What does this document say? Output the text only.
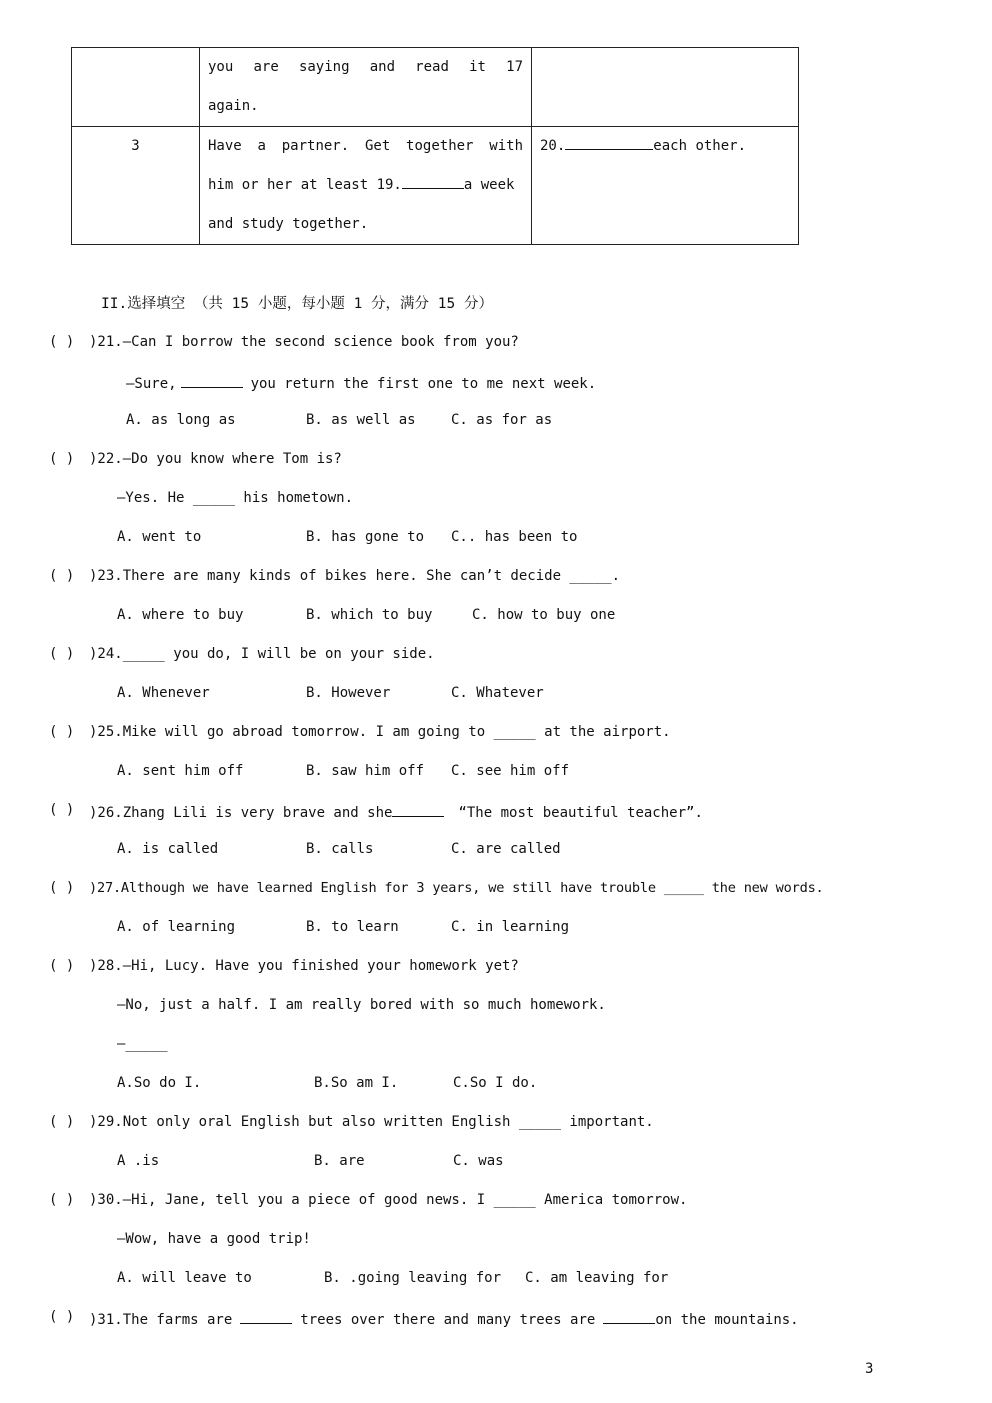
	you are saying and read it 17
again.	

3	Have a partner. Get together with
him or her at least 19. a week
and study together.	20. each other.
II.选择填空 （共 15 小题，每小题 1 分，满分 15 分）
( ) )21.—Can I borrow the second science book from you?
—Sure,	you return the first one to me next week.
A. as long as	B. as well as	C. as for as
( ) )22.—Do you know where Tom is?
—Yes. He _____ his hometown.
A. went to	B. has gone to C.. has been to
( ) )23.There are many kinds of bikes here. She can’t decide _____.
A. where to buy	B. which to buy	C. how to buy one
( ) )24._____ you do, I will be on your side.
A. Whenever	B. However	C. Whatever
( ) )25.Mike will go abroad tomorrow. I am going to _____ at the airport.
A. sent him off	B. saw him off C. see him off
( ) )26.Zhang Lili is very brave and she	“The most beautiful teacher”.
A. is called	B. calls	C. are called
( ) )27.Although we have learned English for 3 years, we still have trouble _____ the new words.
A. of learning	B. to learn	C. in learning
( ) )28.—Hi, Lucy. Have you finished your homework yet?
—No, just a half. I am really bored with so much homework.
—_____
A.So do I.	B.So am I.	C.So I do.
( ) )29.Not only oral English but also written English _____ important.
A .is	B. are	C. was
( ) )30.—Hi, Jane, tell you a piece of good news. I _____ America tomorrow.
—Wow, have a good trip!
A. will leave to	B. .going leaving for C. am leaving for
( ) )31.The farms are	trees over there and many trees are	on the mountains.
3
